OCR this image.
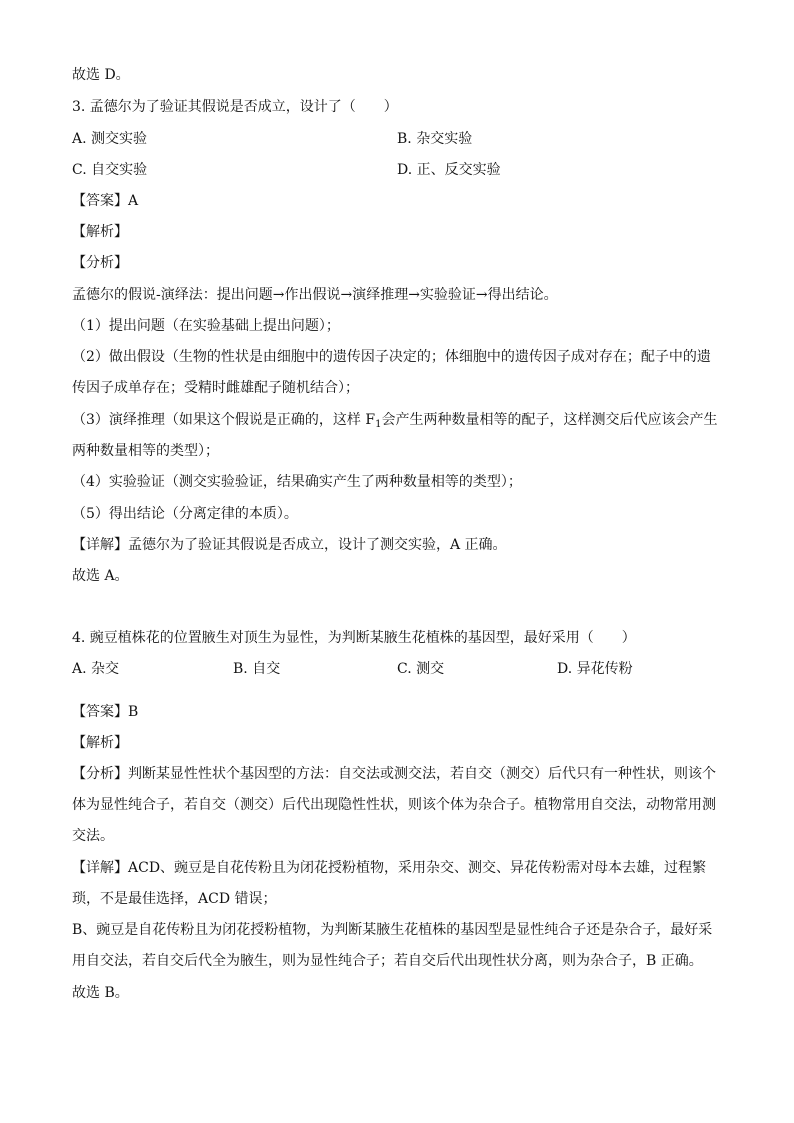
故选 D。
3. 孟德尔为了验证其假说是否成立，设计了（　　）
A. 测交实验	B. 杂交实验
C. 自交实验	D. 正、反交实验
【答案】A
【解析】
【分析】
孟德尔的假说-演绎法：提出问题→作出假说→演绎推理→实验验证→得出结论。
（1）提出问题（在实验基础上提出问题）；
（2）做出假设（生物的性状是由细胞中的遗传因子决定的；体细胞中的遗传因子成对存在；配子中的遗
传因子成单存在；受精时雌雄配子随机结合）；
（3）演绎推理（如果这个假说是正确的，这样 $F_1$会产生两种数量相等的配子，这样测交后代应该会产生
两种数量相等的类型）；
（4）实验验证（测交实验验证，结果确实产生了两种数量相等的类型）；
（5）得出结论（分离定律的本质）。
【详解】孟德尔为了验证其假说是否成立，设计了测交实验，A 正确。
故选 A。
4. 豌豆植株花的位置腋生对顶生为显性，为判断某腋生花植株的基因型，最好采用（　　）
A. 杂交	B. 自交	C. 测交	D. 异花传粉
【答案】B
【解析】
【分析】判断某显性性状个基因型的方法：自交法或测交法，若自交（测交）后代只有一种性状，则该个
体为显性纯合子，若自交（测交）后代出现隐性性状，则该个体为杂合子。植物常用自交法，动物常用测
交法。
【详解】ACD、豌豆是自花传粉且为闭花授粉植物，采用杂交、测交、异花传粉需对母本去雄，过程繁
琐，不是最佳选择，ACD 错误；
B、豌豆是自花传粉且为闭花授粉植物，为判断某腋生花植株的基因型是显性纯合子还是杂合子，最好采
用自交法，若自交后代全为腋生，则为显性纯合子；若自交后代出现性状分离，则为杂合子，B 正确。
故选 B。
